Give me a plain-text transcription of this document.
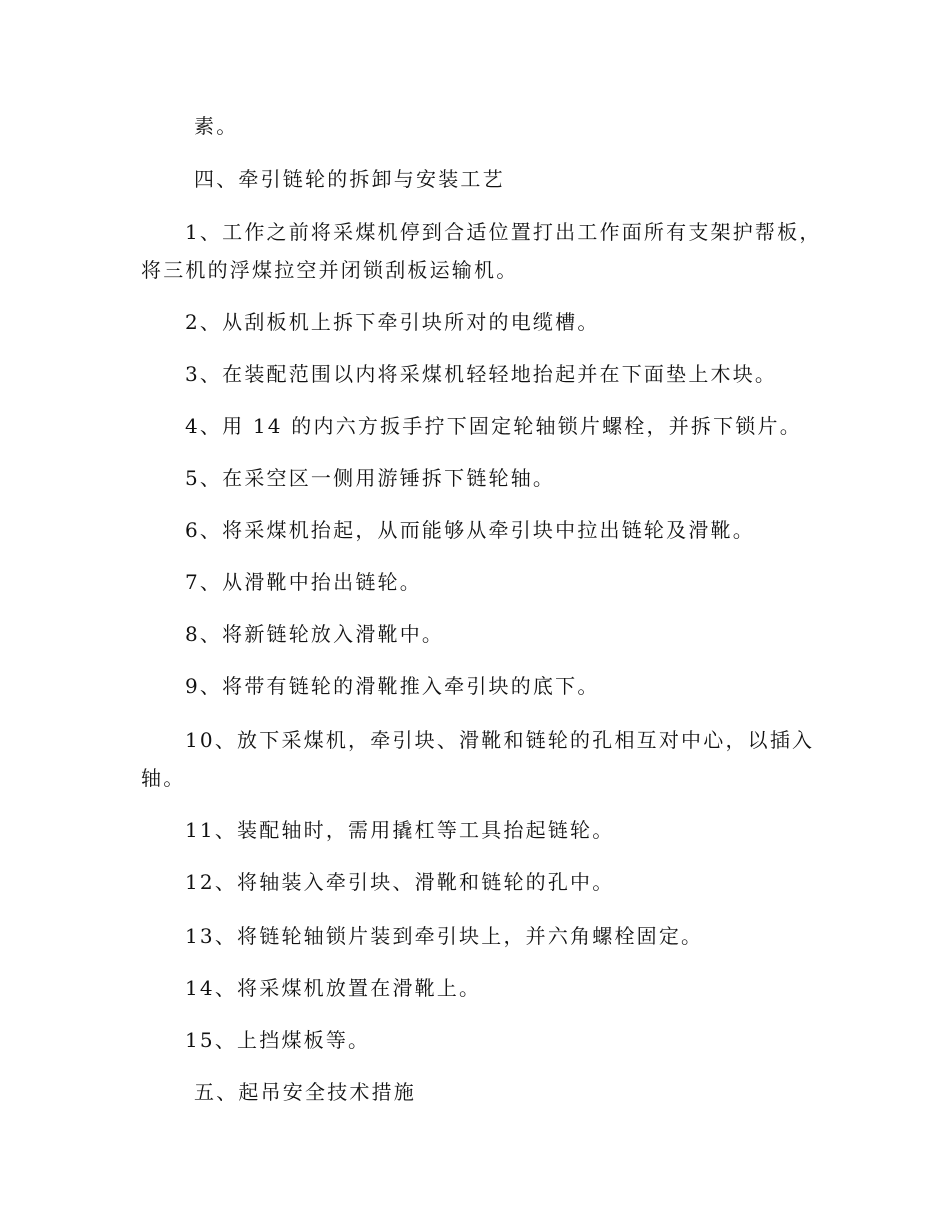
素。
四、牵引链轮的拆卸与安装工艺
1、工作之前将采煤机停到合适位置打出工作面所有支架护帮板，
将三机的浮煤拉空并闭锁刮板运输机。
2、从刮板机上拆下牵引块所对的电缆槽。
3、在装配范围以内将采煤机轻轻地抬起并在下面垫上木块。
4、用 14 的内六方扳手拧下固定轮轴锁片螺栓，并拆下锁片。
5、在采空区一侧用游锤拆下链轮轴。
6、将采煤机抬起，从而能够从牵引块中拉出链轮及滑靴。
7、从滑靴中抬出链轮。
8、将新链轮放入滑靴中。
9、将带有链轮的滑靴推入牵引块的底下。
10、放下采煤机，牵引块、滑靴和链轮的孔相互对中心，以插入
轴。
11、装配轴时，需用撬杠等工具抬起链轮。
12、将轴装入牵引块、滑靴和链轮的孔中。
13、将链轮轴锁片装到牵引块上，并六角螺栓固定。
14、将采煤机放置在滑靴上。
15、上挡煤板等。
五、起吊安全技术措施
